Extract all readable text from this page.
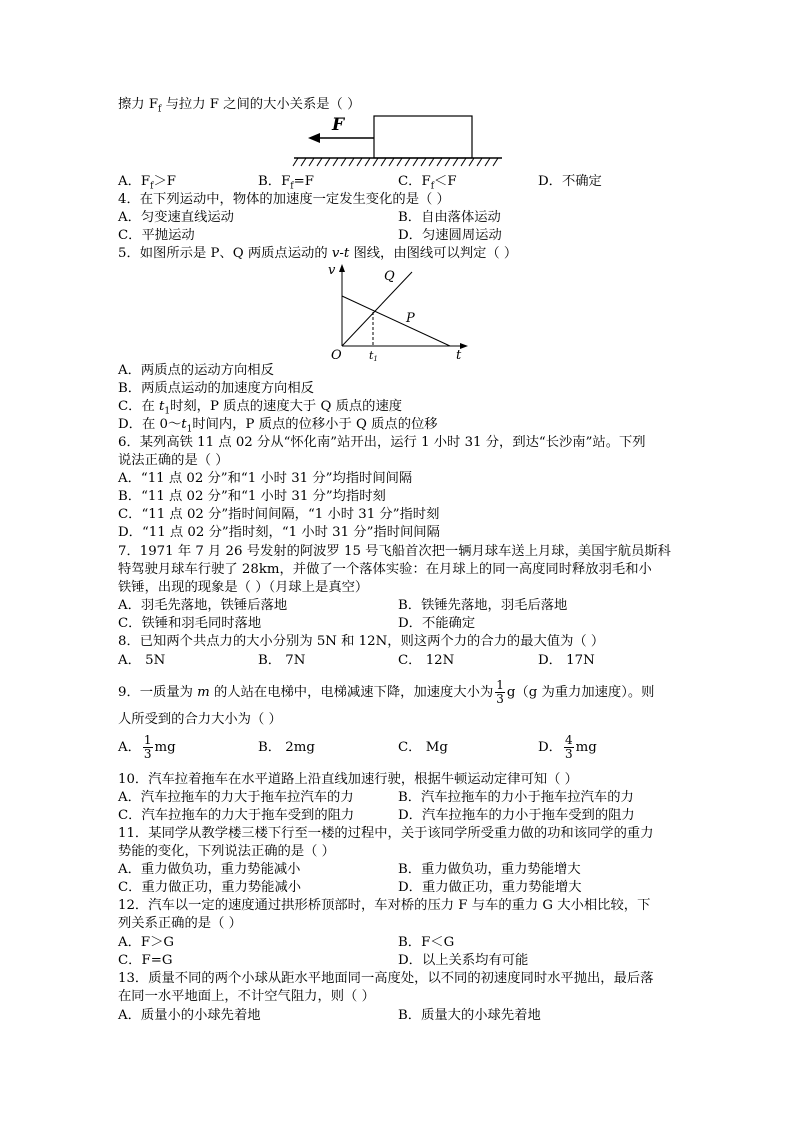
擦力 $F_f$ 与拉力 F 之间的大小关系是（ ）
F
A．$F_f>F$	B．$F_f=F$	C．$F_f<F$	D．不确定
4．在下列运动中，物体的加速度一定发生变化的是（ ）
A．匀变速直线运动	B．自由落体运动
C．平抛运动	D．匀速圆周运动
5．如图所示是 P、Q 两质点运动的 v-t 图线，由图线可以判定（ ）
v	Q
P
O t1	t
A．两质点的运动方向相反
B．两质点运动的加速度方向相反
C．在 $t_1$时刻，P 质点的速度大于 Q 质点的速度
D．在 $0\sim t_1$时间内，P 质点的位移小于 Q 质点的位移
6．某列高铁 11 点 02 分从“怀化南”站开出，运行 1 小时 31 分，到达“长沙南”站。下列
说法正确的是（ ）
A．“11 点 02 分”和“1 小时 31 分”均指时间间隔
B．“11 点 02 分”和“1 小时 31 分”均指时刻
C．“11 点 02 分”指时间间隔，“1 小时 31 分”指时刻
D．“11 点 02 分”指时刻，“1 小时 31 分”指时间间隔
7．1971 年 7 月 26 号发射的阿波罗 15 号飞船首次把一辆月球车送上月球，美国宇航员斯科
特驾驶月球车行驶了 28km，并做了一个落体实验：在月球上的同一高度同时释放羽毛和小
铁锤，出现的现象是（ ）（月球上是真空）
A．羽毛先落地，铁锤后落地	B．铁锤先落地，羽毛后落地
C．铁锤和羽毛同时落地	D．不能确定
8．已知两个共点力的大小分别为 5N 和 12N，则这两个力的合力的最大值为（ ）
A． 5N	B． 7N	C． 12N	D． 17N
9．一质量为 m 的人站在电梯中，电梯减速下降，加速度大小为 $\frac{1}{3} g(g$ 为重力加速度）。则
人所受到的合力大小为（ ）
A． $\frac{1}{3}$ mg	B． 2mg	C． Mg	D． $\frac{4}{3}$ mg
10．汽车拉着拖车在水平道路上沿直线加速行驶，根据牛顿运动定律可知（ ）
A．汽车拉拖车的力大于拖车拉汽车的力	B．汽车拉拖车的力小于拖车拉汽车的力
C．汽车拉拖车的力大于拖车受到的阻力	D．汽车拉拖车的力小于拖车受到的阻力
11．某同学从教学楼三楼下行至一楼的过程中，关于该同学所受重力做的功和该同学的重力
势能的变化，下列说法正确的是（ ）
A．重力做负功，重力势能减小	B．重力做负功，重力势能增大
C．重力做正功，重力势能减小	D．重力做正功，重力势能增大
12．汽车以一定的速度通过拱形桥顶部时，车对桥的压力 F 与车的重力 G 大小相比较，下
列关系正确的是（ ）
A．F＞G	B．F＜G
C．F=G	D．以上关系均有可能
13．质量不同的两个小球从距水平地面同一高度处，以不同的初速度同时水平抛出，最后落
在同一水平地面上，不计空气阻力，则（ ）
A．质量小的小球先着地	B．质量大的小球先着地
